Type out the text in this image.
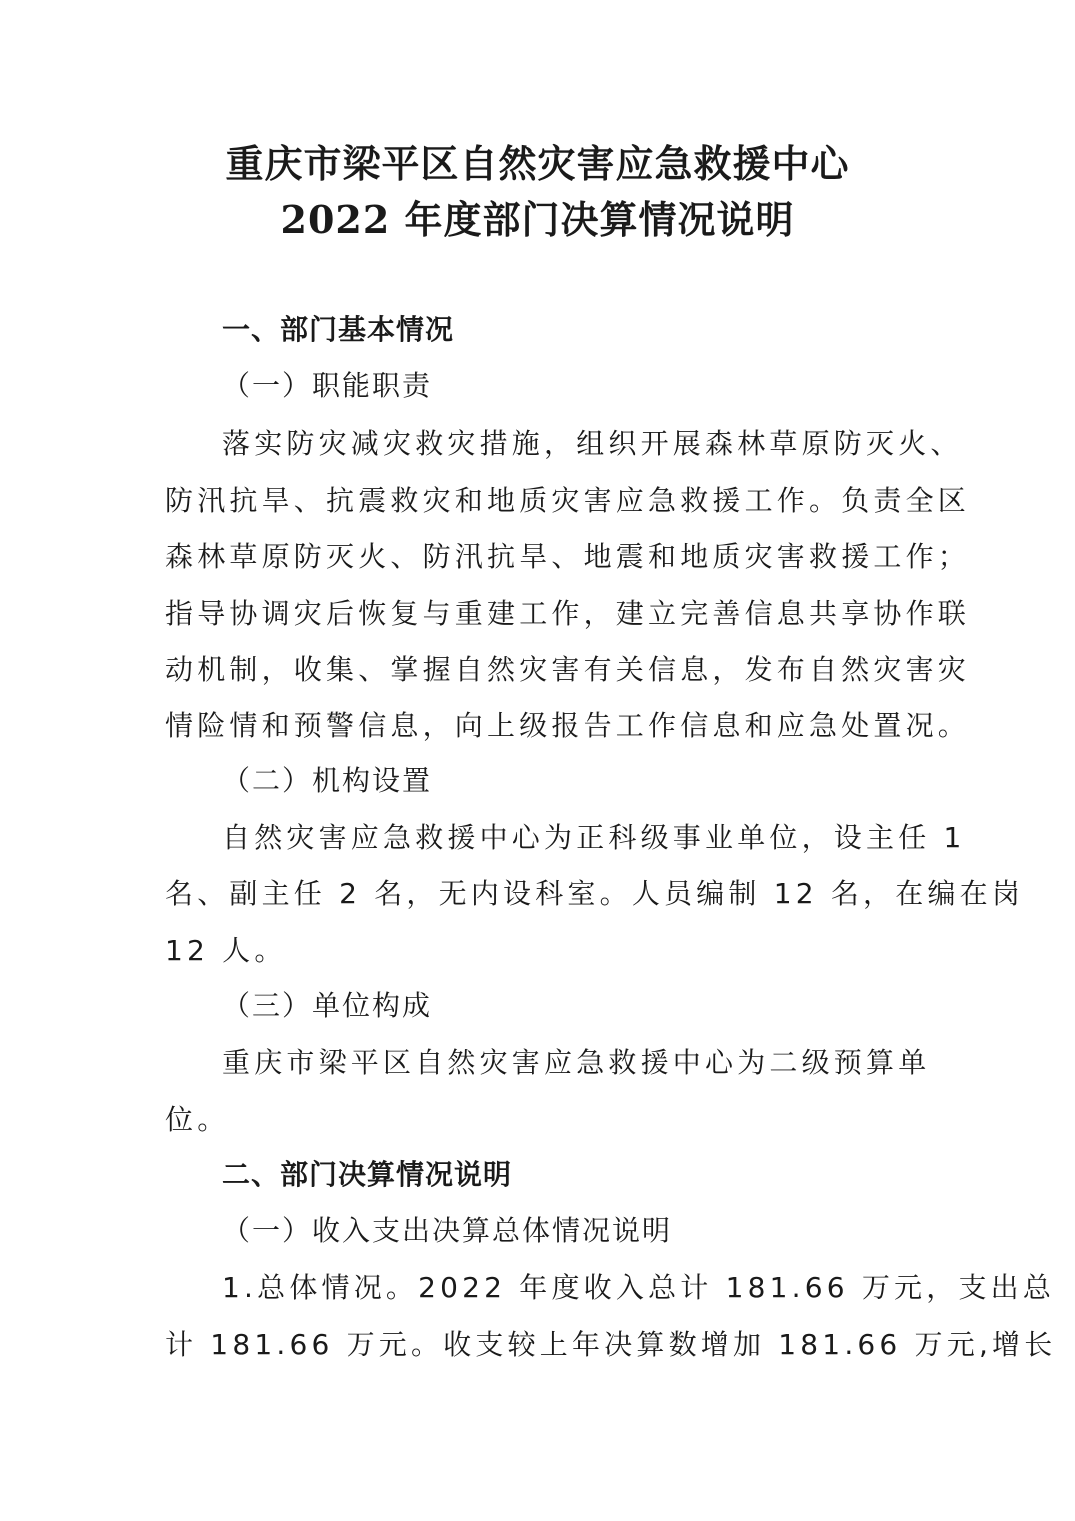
重庆市梁平区自然灾害应急救援中心
2022 年度部门决算情况说明
一、部门基本情况
（一）职能职责
落实防灾减灾救灾措施，组织开展森林草原防灭火、
防汛抗旱、抗震救灾和地质灾害应急救援工作。负责全区
森林草原防灭火、防汛抗旱、地震和地质灾害救援工作；
指导协调灾后恢复与重建工作，建立完善信息共享协作联
动机制，收集、掌握自然灾害有关信息，发布自然灾害灾
情险情和预警信息，向上级报告工作信息和应急处置况。
（二）机构设置
自然灾害应急救援中心为正科级事业单位，设主任 1
名、副主任 2 名，无内设科室。人员编制 12 名，在编在岗
12 人。
（三）单位构成
重庆市梁平区自然灾害应急救援中心为二级预算单
位。
二、部门决算情况说明
（一）收入支出决算总体情况说明
1.总体情况。2022 年度收入总计 181.66 万元，支出总
计 181.66 万元。收支较上年决算数增加 181.66 万元,增长
